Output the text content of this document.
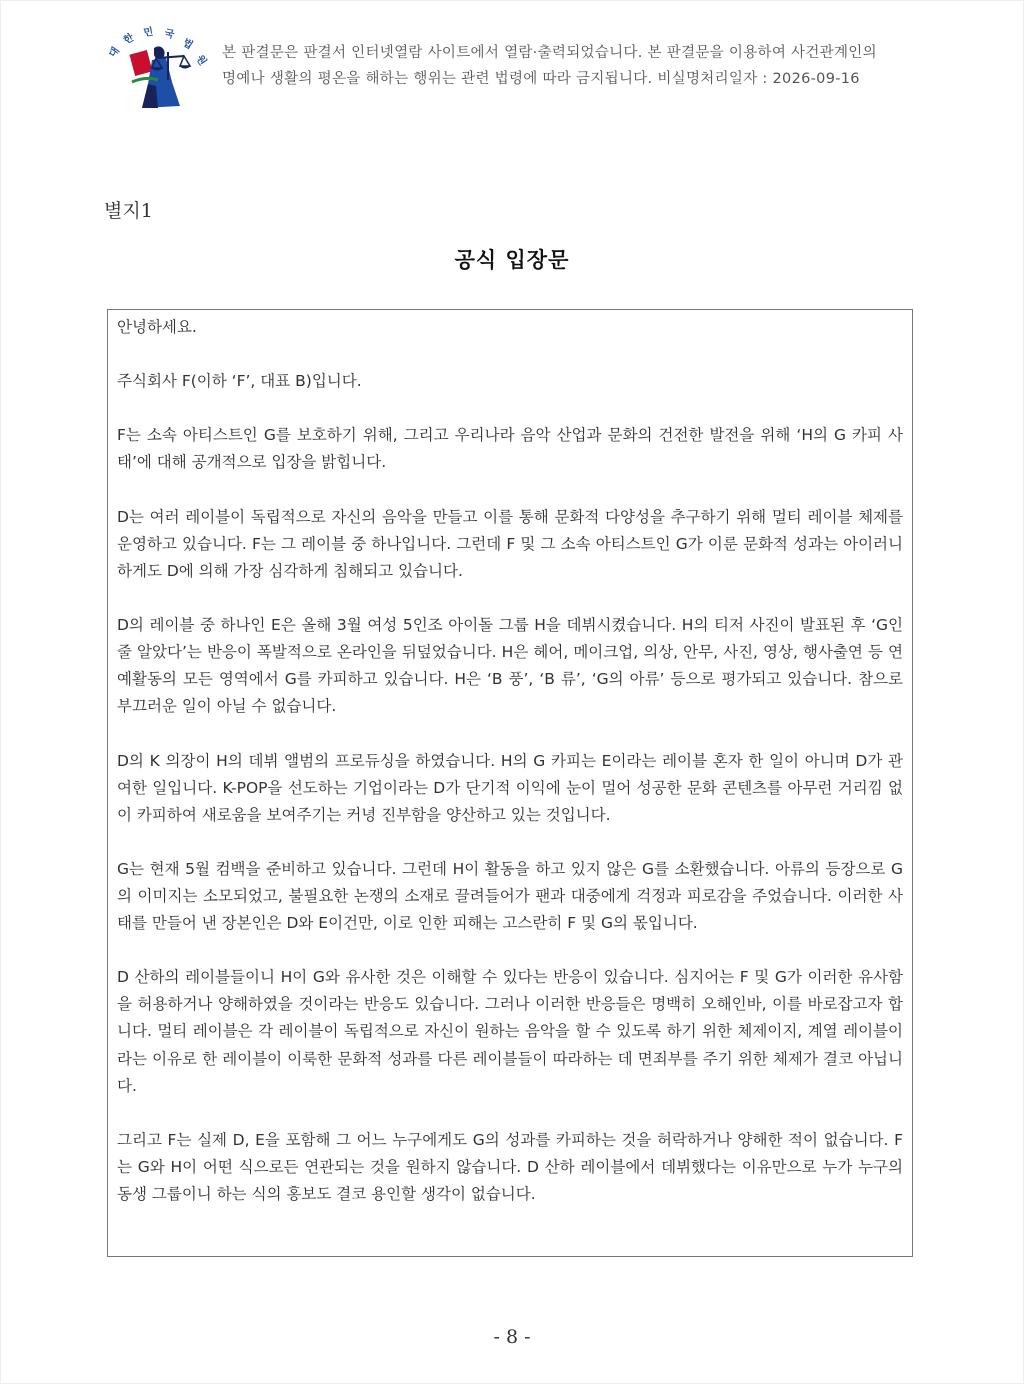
대
한 민 국
법
원 본 판결문은 판결서 인터넷열람 사이트에서 열람·출력되었습니다. 본 판결문을 이용하여 사건관계인의
명예나 생활의 평온을 해하는 행위는 관련 법령에 따라 금지됩니다. 비실명처리일자 : 2026-09-16
별지1
공식 입장문

안녕하세요.

주식회사 F(이하 ‘F’, 대표 B)입니다.

F는 소속 아티스트인 G를 보호하기 위해, 그리고 우리나라 음악 산업과 문화의 건전한 발전을 위해 ‘H의 G 카피 사태’에 대해 공개적으로 입장을 밝힙니다.

D는 여러 레이블이 독립적으로 자신의 음악을 만들고 이를 통해 문화적 다양성을 추구하기 위해 멀티 레이블 체제를 운영하고 있습니다. F는 그 레이블 중 하나입니다. 그런데 F 및 그 소속 아티스트인 G가 이룬 문화적 성과는 아이러니하게도 D에 의해 가장 심각하게 침해되고 있습니다.

D의 레이블 중 하나인 E은 올해 3월 여성 5인조 아이돌 그룹 H을 데뷔시켰습니다. H의 티저 사진이 발표된 후 ‘G인 줄 알았다’는 반응이 폭발적으로 온라인을 뒤덮었습니다. H은 헤어, 메이크업, 의상, 안무, 사진, 영상, 행사출연 등 연예활동의 모든 영역에서 G를 카피하고 있습니다. H은 ‘B 풍’, ‘B 류’, ‘G의 아류’ 등으로 평가되고 있습니다. 참으로 부끄러운 일이 아닐 수 없습니다.

D의 K 의장이 H의 데뷔 앨범의 프로듀싱을 하였습니다. H의 G 카피는 E이라는 레이블 혼자 한 일이 아니며 D가 관여한 일입니다. K-POP을 선도하는 기업이라는 D가 단기적 이익에 눈이 멀어 성공한 문화 콘텐츠를 아무런 거리낌 없이 카피하여 새로움을 보여주기는 커녕 진부함을 양산하고 있는 것입니다.

G는 현재 5월 컴백을 준비하고 있습니다. 그런데 H이 활동을 하고 있지 않은 G를 소환했습니다. 아류의 등장으로 G의 이미지는 소모되었고, 불필요한 논쟁의 소재로 끌려들어가 팬과 대중에게 걱정과 피로감을 주었습니다. 이러한 사태를 만들어 낸 장본인은 D와 E이건만, 이로 인한 피해는 고스란히 F 및 G의 몫입니다.

D 산하의 레이블들이니 H이 G와 유사한 것은 이해할 수 있다는 반응이 있습니다. 심지어는 F 및 G가 이러한 유사함을 허용하거나 양해하였을 것이라는 반응도 있습니다. 그러나 이러한 반응들은 명백히 오해인바, 이를 바로잡고자 합니다. 멀티 레이블은 각 레이블이 독립적으로 자신이 원하는 음악을 할 수 있도록 하기 위한 체제이지, 계열 레이블이라는 이유로 한 레이블이 이룩한 문화적 성과를 다른 레이블들이 따라하는 데 면죄부를 주기 위한 체제가 결코 아닙니다.

그리고 F는 실제 D, E을 포함해 그 어느 누구에게도 G의 성과를 카피하는 것을 허락하거나 양해한 적이 없습니다. F는 G와 H이 어떤 식으로든 연관되는 것을 원하지 않습니다. D 산하 레이블에서 데뷔했다는 이유만으로 누가 누구의 동생 그룹이니 하는 식의 홍보도 결코 용인할 생각이 없습니다.

- 8 -
